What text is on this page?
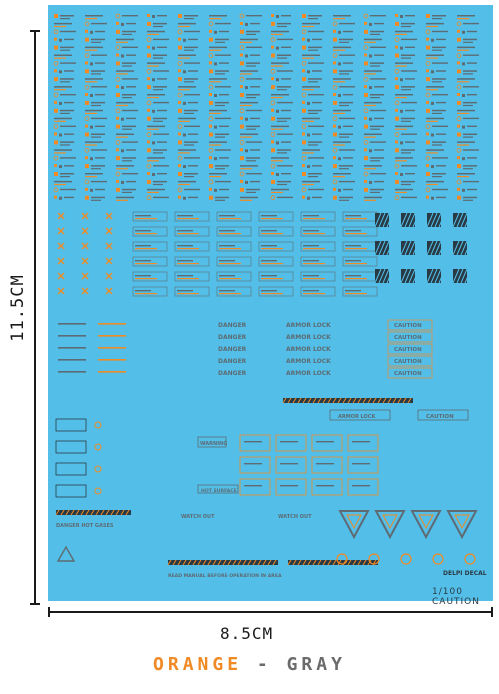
11.5CM	DANGER	ARMOR LOCK	CAUTION
DANGER	ARMOR LOCK	CAUTION
DANGER	ARMOR LOCK	CAUTION
DANGER	ARMOR LOCK	CAUTION
DANGER	ARMOR LOCK	CAUTION
WARNING
HOT SURFACE
ARMOR LOCK	CAUTION
DANGER HOT GASES
WATCH OUT	WATCH OUT
READ MANUAL BEFORE OPERATION IN AREA	DELPI DECAL
1/100 CAUTION
8.5CM
ORANGE - GRAY
